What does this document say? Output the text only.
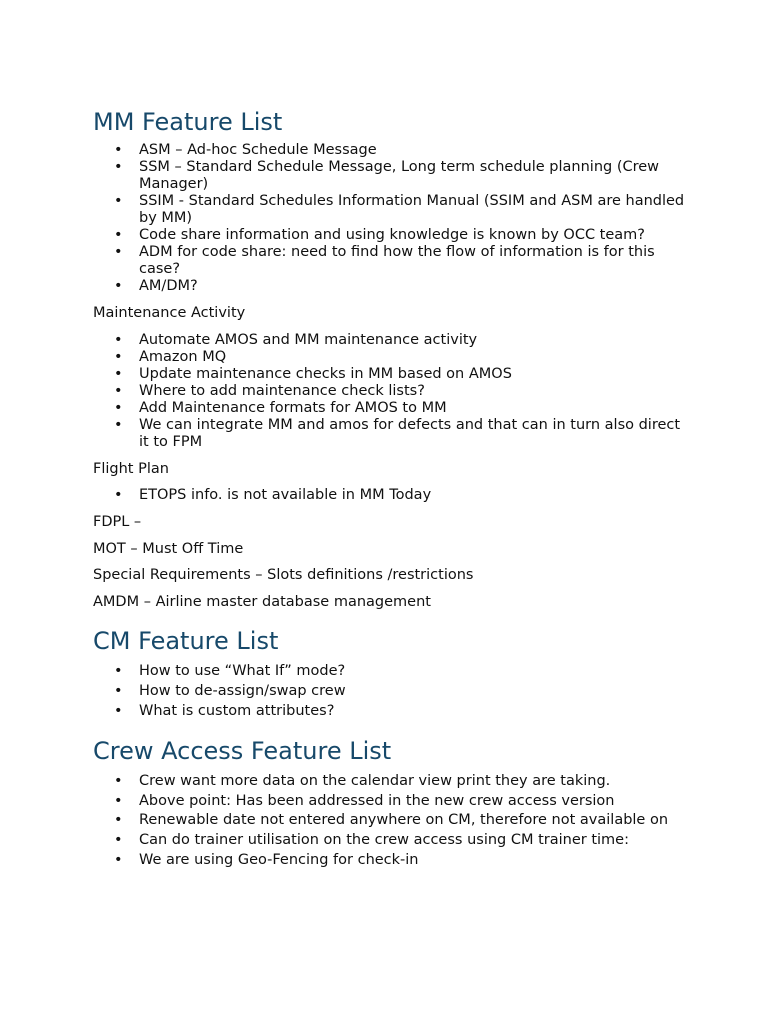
MM Feature List
• ASM – Ad-hoc Schedule Message
• SSM – Standard Schedule Message, Long term schedule planning (Crew Manager)
• SSIM - Standard Schedules Information Manual (SSIM and ASM are handled by MM)
• Code share information and using knowledge is known by OCC team?
• ADM for code share: need to find how the flow of information is for this case?
• AM/DM?

Maintenance Activity

• Automate AMOS and MM maintenance activity
• Amazon MQ
• Update maintenance checks in MM based on AMOS
• Where to add maintenance check lists?
• Add Maintenance formats for AMOS to MM
• We can integrate MM and amos for defects and that can in turn also direct it to FPM

Flight Plan

• ETOPS info. is not available in MM Today

FDPL –

MOT – Must Off Time

Special Requirements – Slots definitions /restrictions

AMDM – Airline master database management

CM Feature List
• How to use “What If” mode?
• How to de-assign/swap crew
• What is custom attributes?
Crew Access Feature List
• Crew want more data on the calendar view print they are taking.
• Above point: Has been addressed in the new crew access version
• Renewable date not entered anywhere on CM, therefore not available on
• Can do trainer utilisation on the crew access using CM trainer time:
• We are using Geo-Fencing for check-in
